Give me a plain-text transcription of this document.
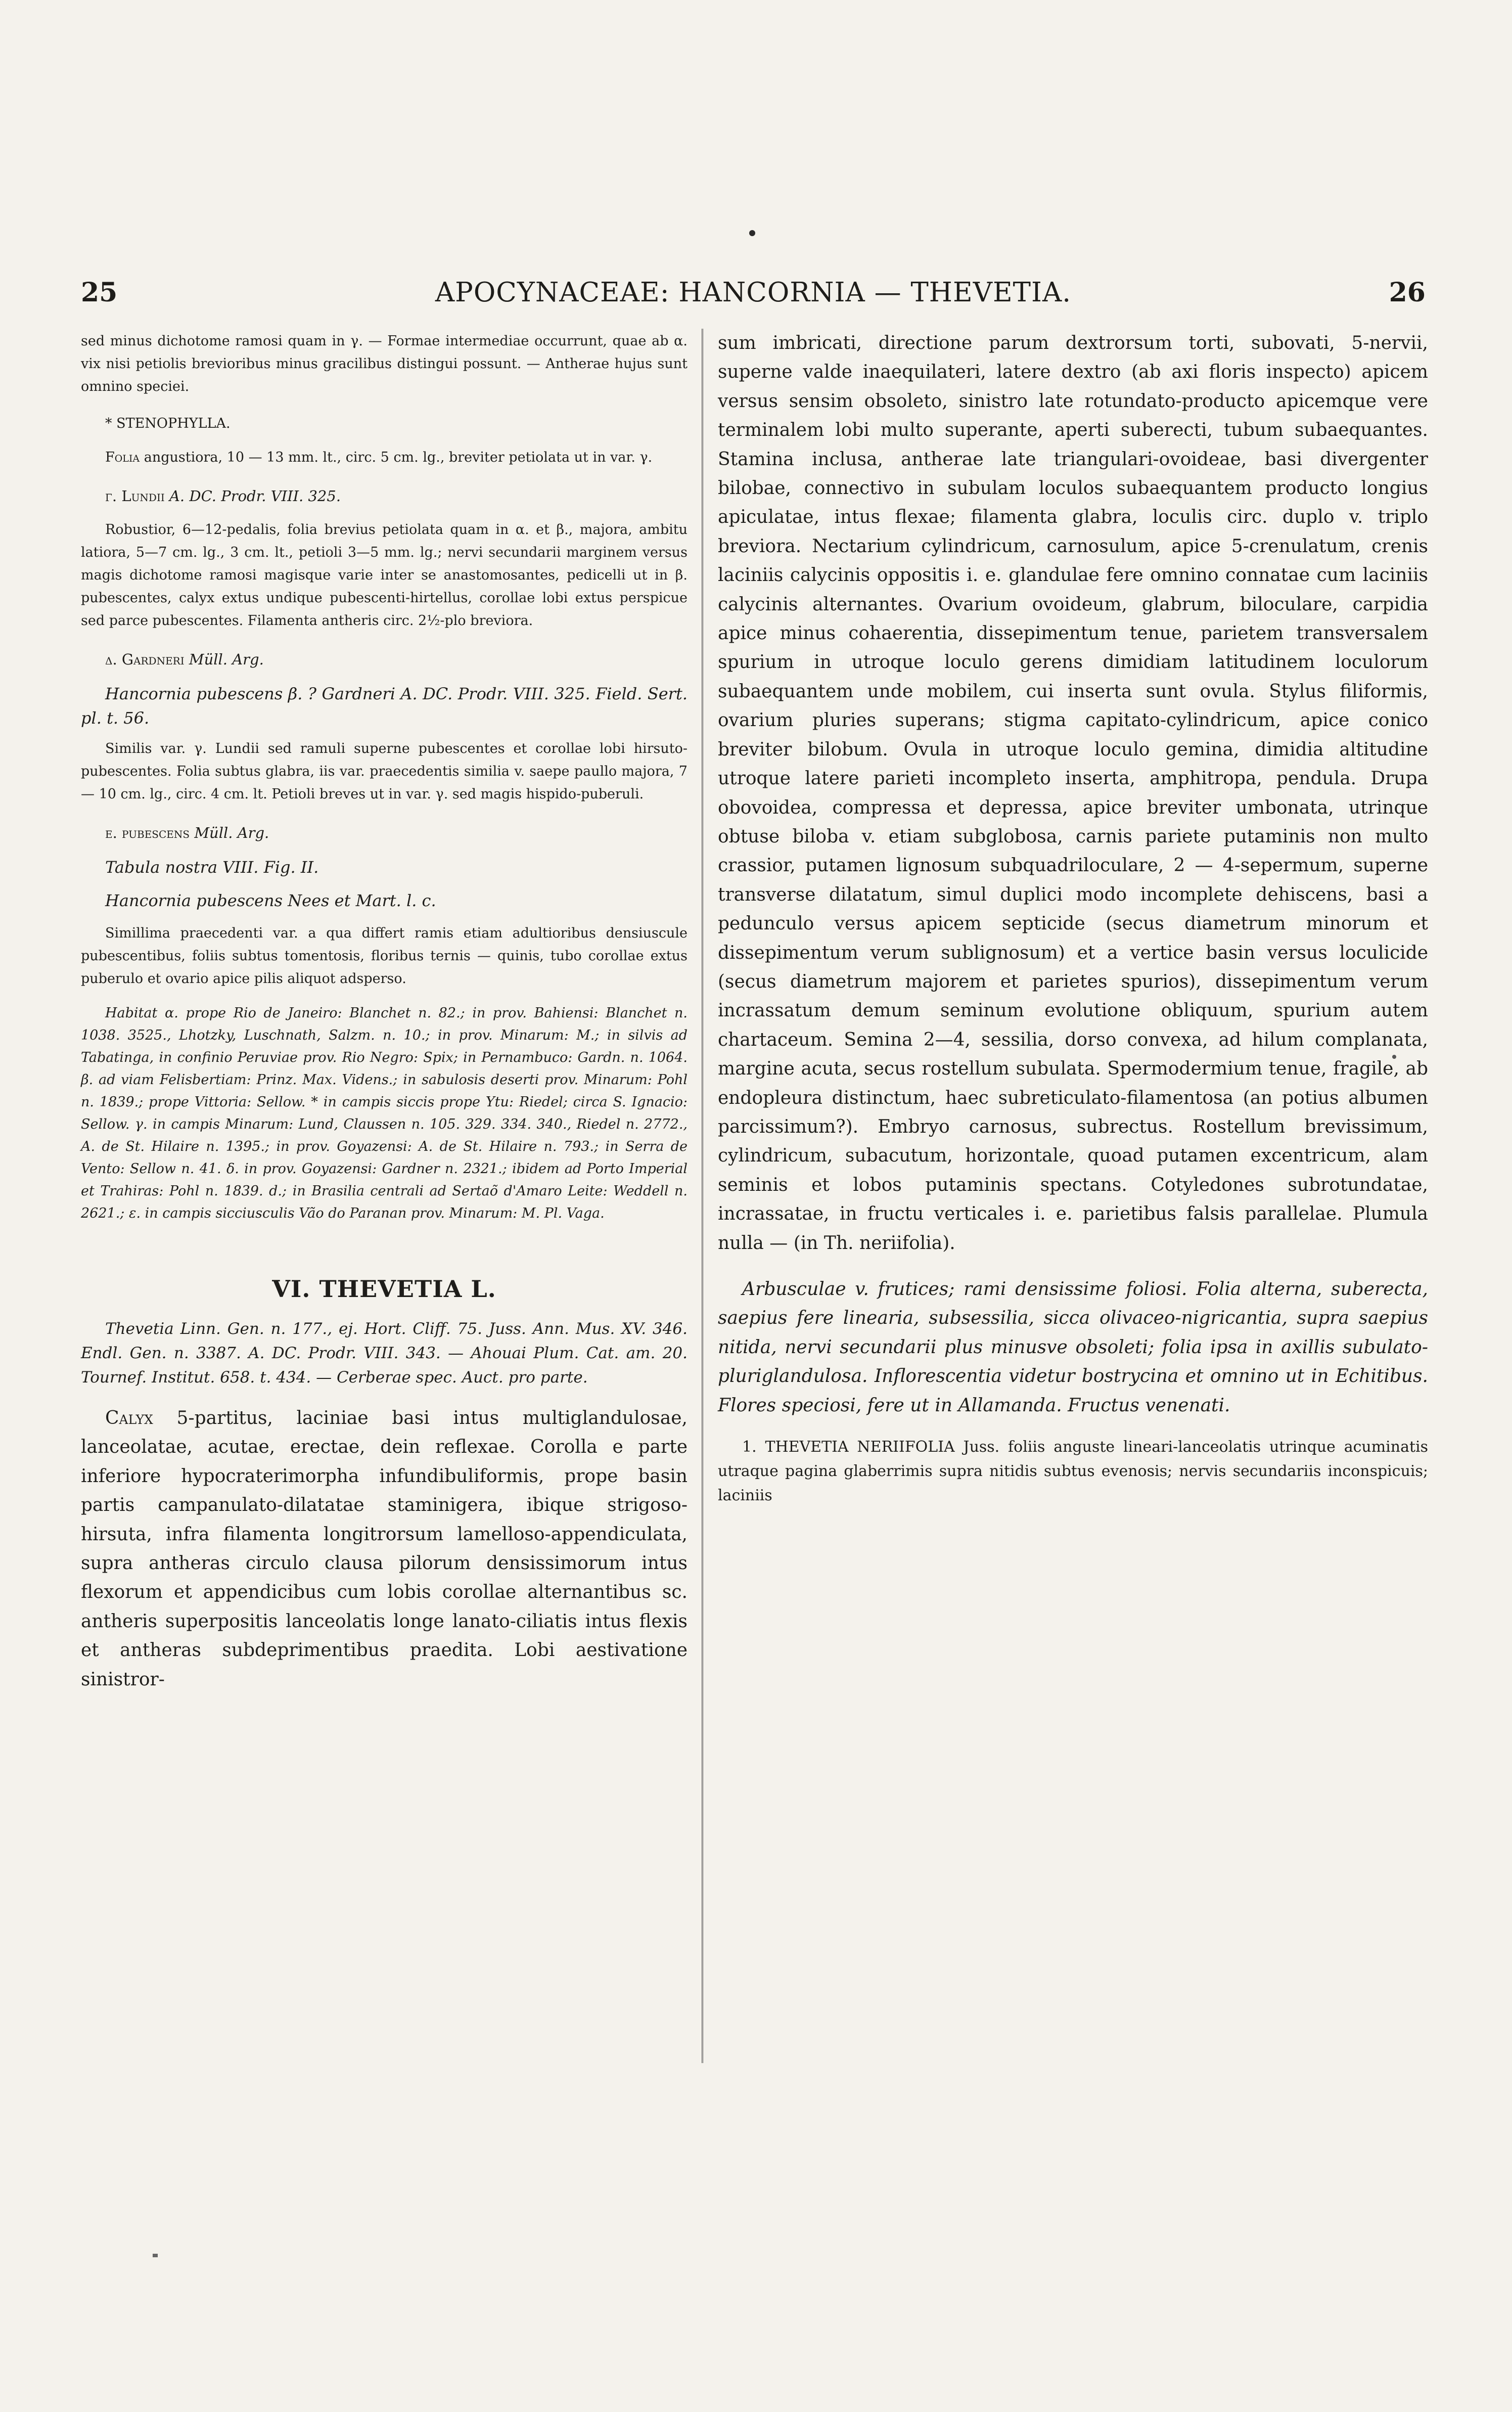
25	APOCYNACEAE: HANCORNIA — THEVETIA.	26

sed minus dichotome ramosi quam in γ. — Formae intermediae occurrunt, quae ab α. vix nisi petiolis brevioribus minus gracilibus distingui possunt. — Antherae hujus sunt omnino speciei.

* STENOPHYLLA.

Folia angustiora, 10 — 13 mm. lt., circ. 5 cm. lg., breviter petiolata ut in var. γ.

γ. Lundii A. DC. Prodr. VIII. 325.

Robustior, 6—12-pedalis, folia brevius petiolata quam in α. et β., majora, ambitu latiora, 5—7 cm. lg., 3 cm. lt., petioli 3—5 mm. lg.; nervi secundarii marginem versus magis dichotome ramosi magisque varie inter se anastomosantes, pedicelli ut in β. pubescentes, calyx extus undique pubescenti-hirtellus, corollae lobi extus perspicue sed parce pubescentes. Filamenta antheris circ. 2½-plo breviora.

δ. Gardneri Müll. Arg.

Hancornia pubescens β. ? Gardneri A. DC. Prodr. VIII. 325. Field. Sert. pl. t. 56.

Similis var. γ. Lundii sed ramuli superne pubescentes et corollae lobi hirsuto-pubescentes. Folia subtus glabra, iis var. praecedentis similia v. saepe paullo majora, 7 — 10 cm. lg., circ. 4 cm. lt. Petioli breves ut in var. γ. sed magis hispido-puberuli.

ε. pubescens Müll. Arg.

Tabula nostra VIII. Fig. II.

Hancornia pubescens Nees et Mart. l. c.

Simillima praecedenti var. a qua differt ramis etiam adultioribus densiuscule pubescentibus, foliis subtus tomentosis, floribus ternis — quinis, tubo corollae extus puberulo et ovario apice pilis aliquot adsperso.

Habitat α. prope Rio de Janeiro: Blanchet n. 82.; in prov. Bahiensi: Blanchet n. 1038. 3525., Lhotzky, Luschnath, Salzm. n. 10.; in prov. Minarum: M.; in silvis ad Tabatinga, in confinio Peruviae prov. Rio Negro: Spix; in Pernambuco: Gardn. n. 1064. β. ad viam Felisbertiam: Prinz. Max. Videns.; in sabulosis deserti prov. Minarum: Pohl n. 1839.; prope Vittoria: Sellow. * in campis siccis prope Ytu: Riedel; circa S. Ignacio: Sellow. γ. in campis Minarum: Lund, Claussen n. 105. 329. 334. 340., Riedel n. 2772., A. de St. Hilaire n. 1395.; in prov. Goyazensi: A. de St. Hilaire n. 793.; in Serra de Vento: Sellow n. 41. δ. in prov. Goyazensi: Gardner n. 2321.; ibidem ad Porto Imperial et Trahiras: Pohl n. 1839. d.; in Brasilia centrali ad Sertaõ d'Amaro Leite: Weddell n. 2621.; ε. in campis sicciusculis Vão do Paranan prov. Minarum: M. Pl. Vaga.

VI. THEVETIA L.

Thevetia Linn. Gen. n. 177., ej. Hort. Cliff. 75. Juss. Ann. Mus. XV. 346. Endl. Gen. n. 3387. A. DC. Prodr. VIII. 343. — Ahouai Plum. Cat. am. 20. Tournef. Institut. 658. t. 434. — Cerberae spec. Auct. pro parte.

Calyx 5-partitus, laciniae basi intus multiglandulosae, lanceolatae, acutae, erectae, dein reflexae. Corolla e parte inferiore hypocraterimorpha infundibuliformis, prope basin partis campanulato-dilatatae staminigera, ibique strigoso-hirsuta, infra filamenta longitrorsum lamelloso-appendiculata, supra antheras circulo clausa pilorum densissimorum intus flexorum et appendicibus cum lobis corollae alternantibus sc. antheris superpositis lanceolatis longe lanato-ciliatis intus flexis et antheras subdeprimentibus praedita. Lobi aestivatione sinistror-

sum imbricati, directione parum dextrorsum torti, subovati, 5-nervii, superne valde inaequilateri, latere dextro (ab axi floris inspecto) apicem versus sensim obsoleto, sinistro late rotundato-producto apicemque vere terminalem lobi multo superante, aperti suberecti, tubum subaequantes. Stamina inclusa, antherae late triangulari-ovoideae, basi divergenter bilobae, connectivo in subulam loculos subaequantem producto longius apiculatae, intus flexae; filamenta glabra, loculis circ. duplo v. triplo breviora. Nectarium cylindricum, carnosulum, apice 5-crenulatum, crenis laciniis calycinis oppositis i. e. glandulae fere omnino connatae cum laciniis calycinis alternantes. Ovarium ovoideum, glabrum, biloculare, carpidia apice minus cohaerentia, dissepimentum tenue, parietem transversalem spurium in utroque loculo gerens dimidiam latitudinem loculorum subaequantem unde mobilem, cui inserta sunt ovula. Stylus filiformis, ovarium pluries superans; stigma capitato-cylindricum, apice conico breviter bilobum. Ovula in utroque loculo gemina, dimidia altitudine utroque latere parieti incompleto inserta, amphitropa, pendula. Drupa obovoidea, compressa et depressa, apice breviter umbonata, utrinque obtuse biloba v. etiam subglobosa, carnis pariete putaminis non multo crassior, putamen lignosum subquadriloculare, 2 — 4-sepermum, superne transverse dilatatum, simul duplici modo incomplete dehiscens, basi a pedunculo versus apicem septicide (secus diametrum minorum et dissepimentum verum sublignosum) et a vertice basin versus loculicide (secus diametrum majorem et parietes spurios), dissepimentum verum incrassatum demum seminum evolutione obliquum, spurium autem chartaceum. Semina 2—4, sessilia, dorso convexa, ad hilum complanata, margine acuta, secus rostellum subulata. Spermodermium tenue, fragile, ab endopleura distinctum, haec subreticulato-filamentosa (an potius albumen parcissimum?). Embryo carnosus, subrectus. Rostellum brevissimum, cylindricum, subacutum, horizontale, quoad putamen excentricum, alam seminis et lobos putaminis spectans. Cotyledones subrotundatae, incrassatae, in fructu verticales i. e. parietibus falsis parallelae. Plumula nulla — (in Th. neriifolia).

Arbusculae v. frutices; rami densissime foliosi. Folia alterna, suberecta, saepius fere linearia, subsessilia, sicca olivaceo-nigricantia, supra saepius nitida, nervi secundarii plus minusve obsoleti; folia ipsa in axillis subulato-pluriglandulosa. Inflorescentia videtur bostrycina et omnino ut in Echitibus. Flores speciosi, fere ut in Allamanda. Fructus venenati.

1. THEVETIA NERIIFOLIA Juss. foliis anguste lineari-lanceolatis utrinque acuminatis utraque pagina glaberrimis supra nitidis subtus evenosis; nervis secundariis inconspicuis; laciniis
